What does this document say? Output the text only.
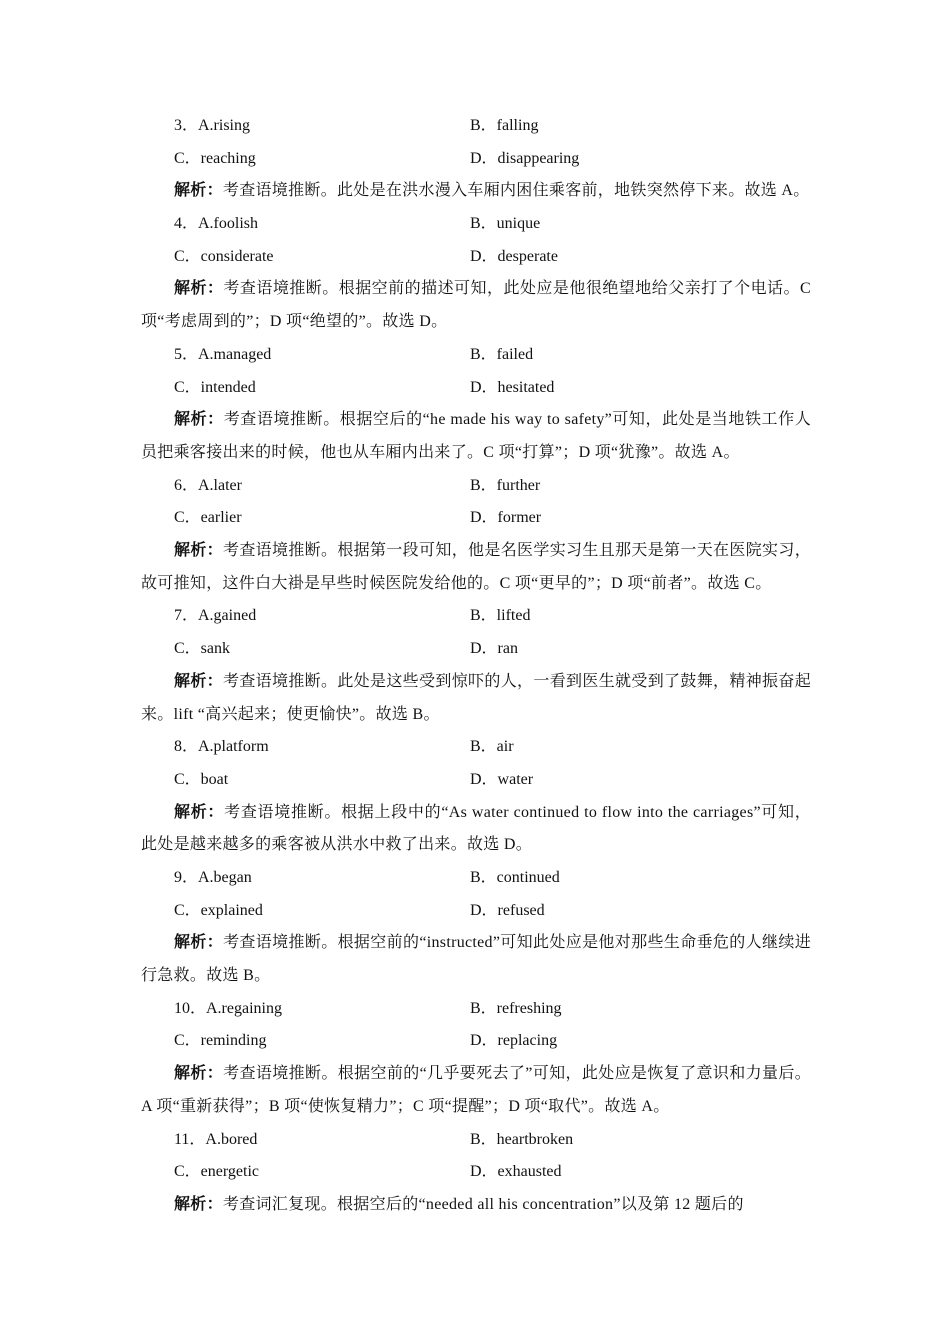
3．A.rising	B．falling
C．reaching	D．disappearing
解析：考查语境推断。此处是在洪水漫入车厢内困住乘客前，地铁突然停下来。故选 A。
4．A.foolish	B．unique
C．considerate	D．desperate
解析：考查语境推断。根据空前的描述可知，此处应是他很绝望地给父亲打了个电话。C 项“考虑周到的”；D 项“绝望的”。故选 D。
5．A.managed	B．failed
C．intended	D．hesitated
解析：考查语境推断。根据空后的“he made his way to safety”可知，此处是当地铁工作人员把乘客接出来的时候，他也从车厢内出来了。C 项“打算”；D 项“犹豫”。故选 A。
6．A.later	B．further
C．earlier	D．former
解析：考查语境推断。根据第一段可知，他是名医学实习生且那天是第一天在医院实习，故可推知，这件白大褂是早些时候医院发给他的。C 项“更早的”；D 项“前者”。故选 C。
7．A.gained	B．lifted
C．sank	D．ran
解析：考查语境推断。此处是这些受到惊吓的人，一看到医生就受到了鼓舞，精神振奋起来。lift “高兴起来；使更愉快”。故选 B。
8．A.platform	B．air
C．boat	D．water
解析：考查语境推断。根据上段中的“As water continued to flow into the carriages”可知，此处是越来越多的乘客被从洪水中救了出来。故选 D。
9．A.began	B．continued
C．explained	D．refused
解析：考查语境推断。根据空前的“instructed”可知此处应是他对那些生命垂危的人继续进行急救。故选 B。
10．A.regaining	B．refreshing
C．reminding	D．replacing
解析：考查语境推断。根据空前的“几乎要死去了”可知，此处应是恢复了意识和力量后。A 项“重新获得”；B 项“使恢复精力”；C 项“提醒”；D 项“取代”。故选 A。
11．A.bored	B．heartbroken
C．energetic	D．exhausted
解析：考查词汇复现。根据空后的“needed all his concentration”以及第 12 题后的
